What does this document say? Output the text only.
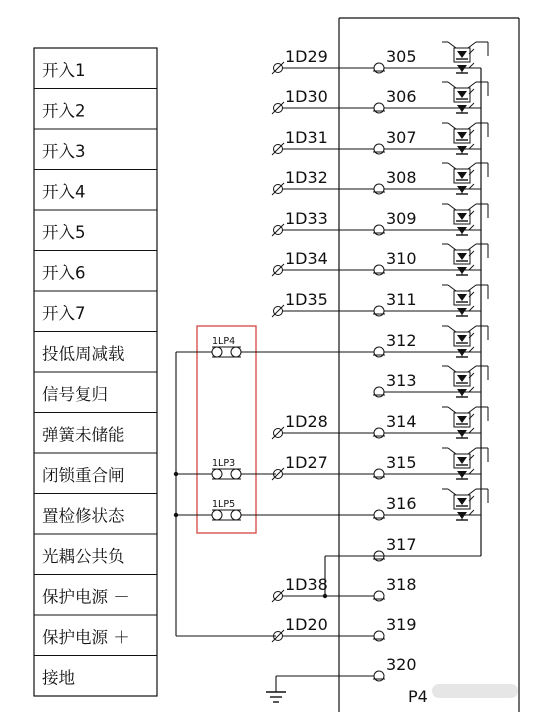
开入1
开入2
开入3
开入4
开入5
开入6
开入7
投低周减载
信号复归
弹簧未储能
闭锁重合闸
置检修状态
光耦公共负
保护电源 －
保护电源 ＋
接地
P4
1D29	305
1D30	306
1D31	307
1D32	308
1D33	309
1D34	310
1D35	311
312
313
1D28	314
1D27	315
316
317
1D38	318
1D20	319
320
1LP4
1LP3
1LP5
